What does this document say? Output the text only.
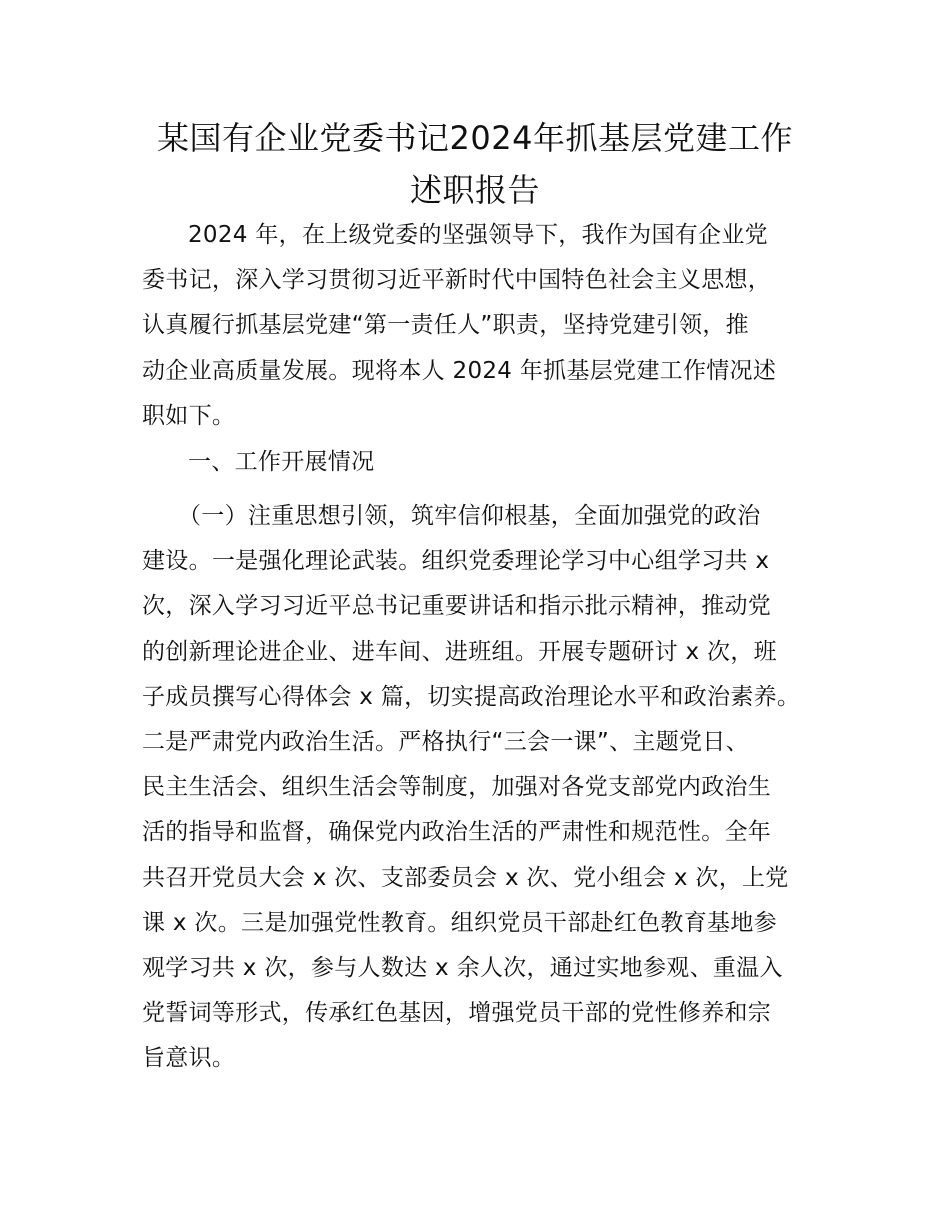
某国有企业党委书记2024年抓基层党建工作
述职报告

2024 年，在上级党委的坚强领导下，我作为国有企业党
委书记，深入学习贯彻习近平新时代中国特色社会主义思想，
认真履行抓基层党建“第一责任人”职责，坚持党建引领，推
动企业高质量发展。现将本人 2024 年抓基层党建工作情况述
职如下。

一、工作开展情况

（一）注重思想引领，筑牢信仰根基，全面加强党的政治
建设。一是强化理论武装。组织党委理论学习中心组学习共 x
次，深入学习习近平总书记重要讲话和指示批示精神，推动党
的创新理论进企业、进车间、进班组。开展专题研讨 x 次，班
子成员撰写心得体会 x 篇，切实提高政治理论水平和政治素养。
二是严肃党内政治生活。严格执行“三会一课”、主题党日、
民主生活会、组织生活会等制度，加强对各党支部党内政治生
活的指导和监督，确保党内政治生活的严肃性和规范性。全年
共召开党员大会 x 次、支部委员会 x 次、党小组会 x 次，上党
课 x 次。三是加强党性教育。组织党员干部赴红色教育基地参
观学习共 x 次，参与人数达 x 余人次，通过实地参观、重温入
党誓词等形式，传承红色基因，增强党员干部的党性修养和宗
旨意识。
